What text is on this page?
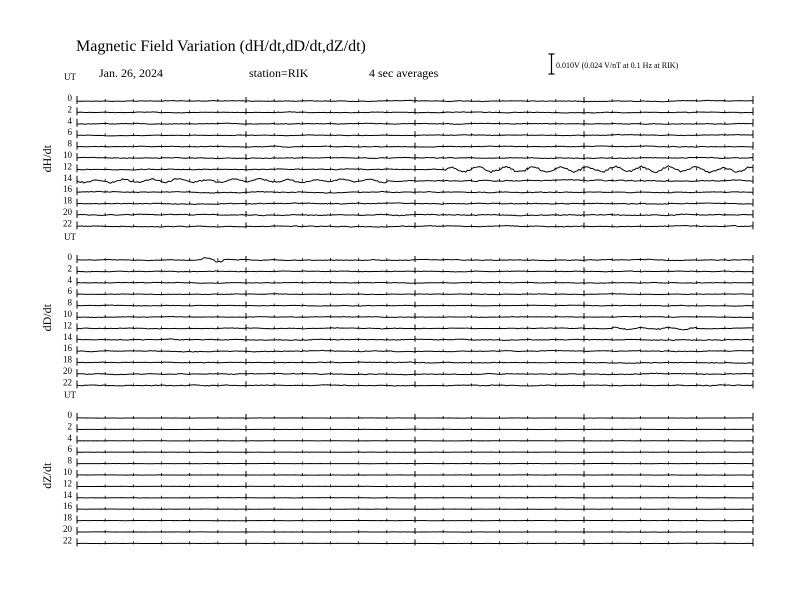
Magnetic Field Variation (dH/dt,dD/dt,dZ/dt)
Jan. 26, 2024	station=RIK	4 sec averages
0.010V (0.024 V/nT at 0.1 Hz at RIK)
UT
dH/dt
0
2
4
6
8
10
12
14
16
18
20
22
UT
dD/dt
0
2
4
6
8
10
12
14
16
18
20
22
UT
dZ/dt
0
2
4
6
8
10
12
14
16
18
20
22
